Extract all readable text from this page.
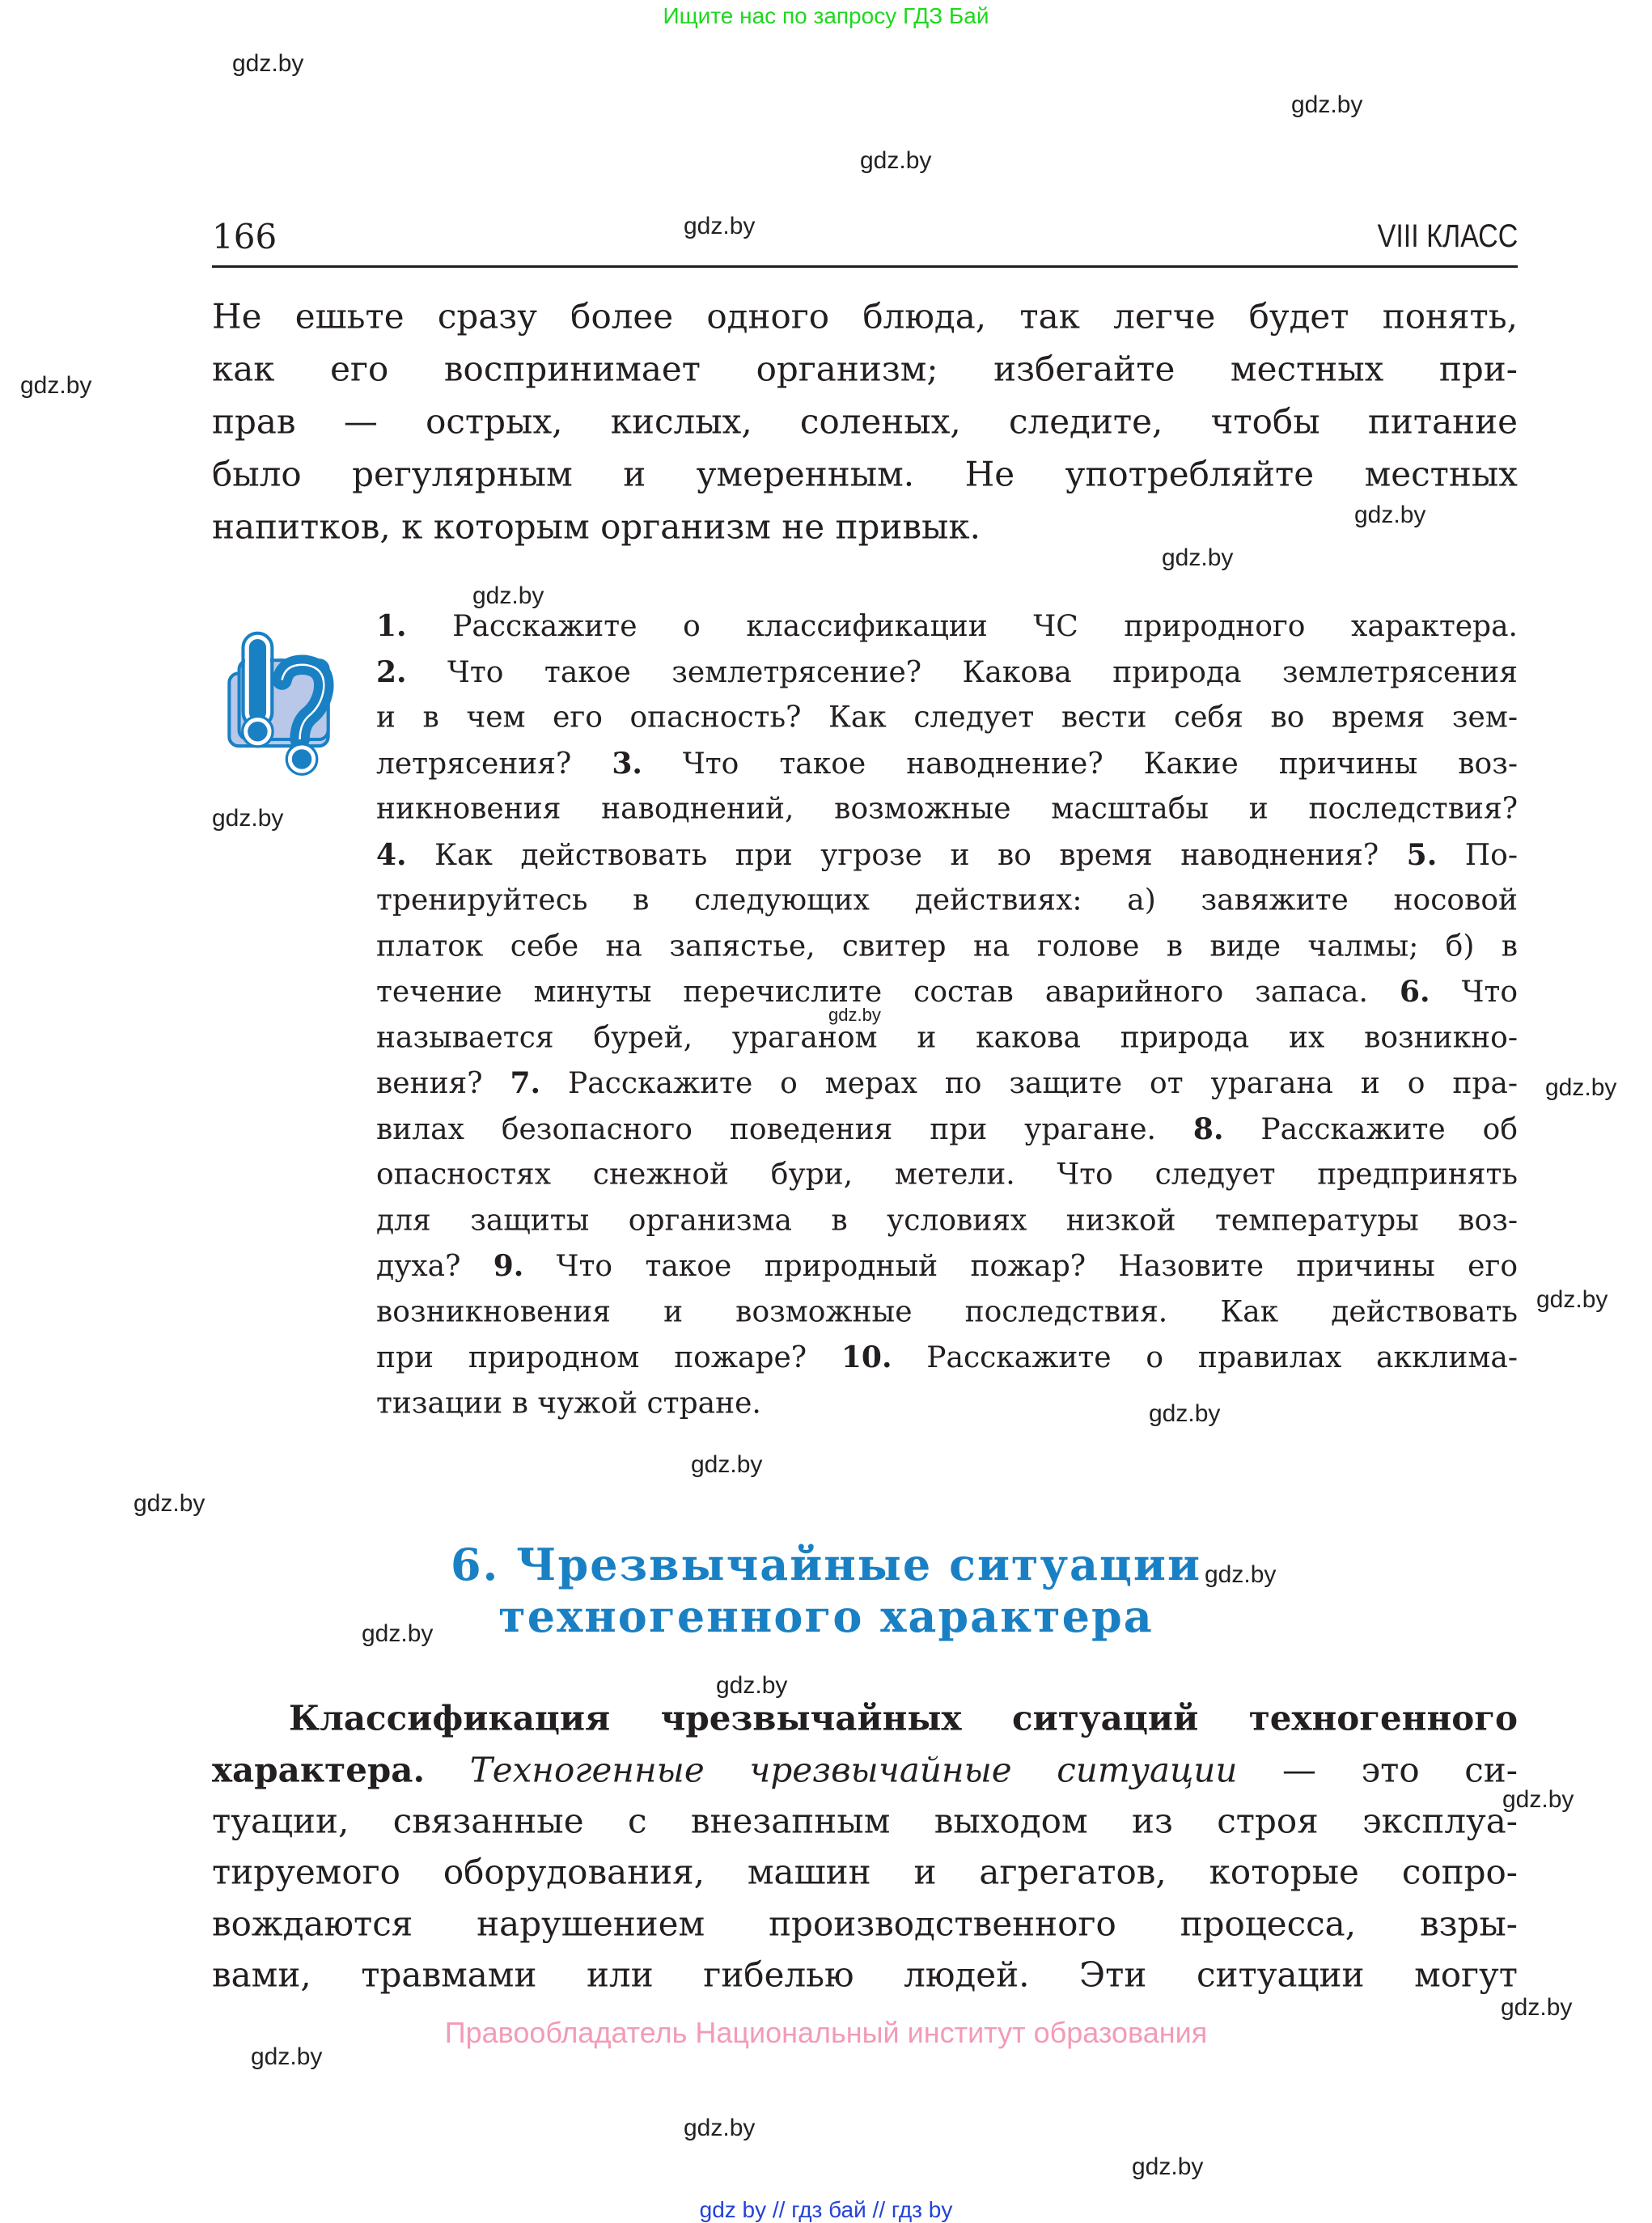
Ищите нас по запросу ГДЗ Бай
166	VIII КЛАСС
Не ешьте сразу более одного блюда, так легче будет понять,
как его воспринимает организм; избегайте местных при-
прав — острых, кислых, соленых, следите, чтобы питание
было регулярным и умеренным. Не употребляйте местных
напитков, к которым организм не привык.
1. Расскажите о классификации ЧС природного характера.
2. Что такое землетрясение? Какова природа землетрясения
и в чем его опасность? Как следует вести себя во время зем-
летрясения? 3. Что такое наводнение? Какие причины воз-
никновения наводнений, возможные масштабы и последствия?
4. Как действовать при угрозе и во время наводнения? 5. По-
тренируйтесь в следующих действиях: а) завяжите носовой
платок себе на запястье, свитер на голове в виде чалмы; б) в
течение минуты перечислите состав аварийного запаса. 6. Что
называется бурей, ураганом и какова природа их возникно-
вения? 7. Расскажите о мерах по защите от урагана и о пра-
вилах безопасного поведения при урагане. 8. Расскажите об
опасностях снежной бури, метели. Что следует предпринять
для защиты организма в условиях низкой температуры воз-
духа? 9. Что такое природный пожар? Назовите причины его
возникновения и возможные последствия. Как действовать
при природном пожаре? 10. Расскажите о правилах акклима-
тизации в чужой стране.
6. Чрезвычайные ситуации
техногенного характера
Классификация чрезвычайных ситуаций техногенного
характера. Техногенные чрезвычайные ситуации — это си-
туации, связанные с внезапным выходом из строя эксплуа-
тируемого оборудования, машин и агрегатов, которые сопро-
вождаются нарушением производственного процесса, взры-
вами, травмами или гибелью людей. Эти ситуации могут
Правообладатель Национальный институт образования
gdz by // гдз бай // гдз by
gdz.by
gdz.by
gdz.by
gdz.by
gdz.by
gdz.by
gdz.by
gdz.by
gdz.by
gdz.by
gdz.by
gdz.by
gdz.by
gdz.by
gdz.by
gdz.by
gdz.by
gdz.by
gdz.by
gdz.by
gdz.by
gdz.by
gdz.by
